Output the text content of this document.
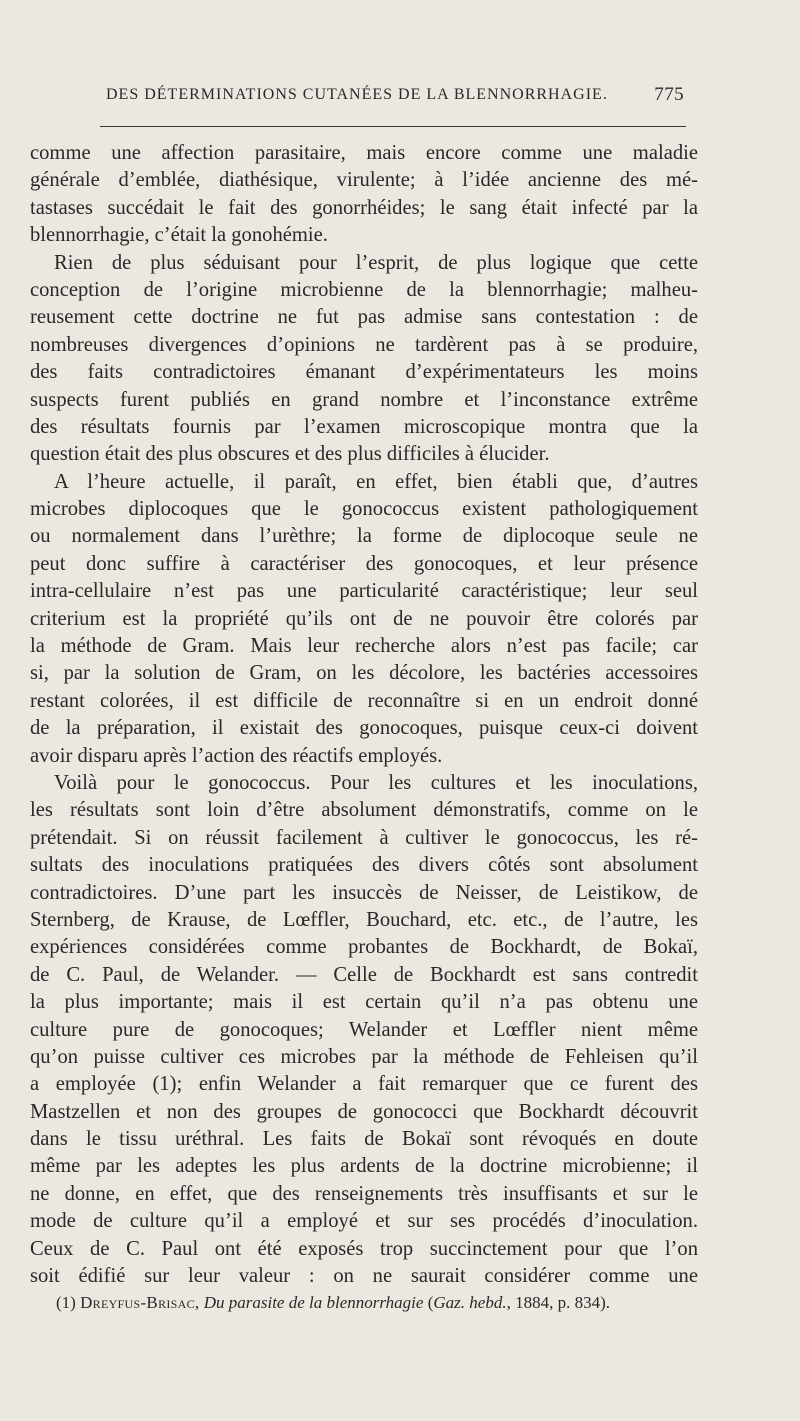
DES DÉTERMINATIONS CUTANÉES DE LA BLENNORRHAGIE. 775
comme une affection parasitaire, mais encore comme une maladie
générale d’emblée, diathésique, virulente; à l’idée ancienne des mé-
tastases succédait le fait des gonorrhéides; le sang était infecté par la
blennorrhagie, c’était la gonohémie.
Rien de plus séduisant pour l’esprit, de plus logique que cette
conception de l’origine microbienne de la blennorrhagie; malheu-
reusement cette doctrine ne fut pas admise sans contestation : de
nombreuses divergences d’opinions ne tardèrent pas à se produire,
des faits contradictoires émanant d’expérimentateurs les moins
suspects furent publiés en grand nombre et l’inconstance extrême
des résultats fournis par l’examen microscopique montra que la
question était des plus obscures et des plus difficiles à élucider.
A l’heure actuelle, il paraît, en effet, bien établi que, d’autres
microbes diplocoques que le gonococcus existent pathologiquement
ou normalement dans l’urèthre; la forme de diplocoque seule ne
peut donc suffire à caractériser des gonocoques, et leur présence
intra-cellulaire n’est pas une particularité caractéristique; leur seul
criterium est la propriété qu’ils ont de ne pouvoir être colorés par
la méthode de Gram. Mais leur recherche alors n’est pas facile; car
si, par la solution de Gram, on les décolore, les bactéries accessoires
restant colorées, il est difficile de reconnaître si en un endroit donné
de la préparation, il existait des gonocoques, puisque ceux-ci doivent
avoir disparu après l’action des réactifs employés.
Voilà pour le gonococcus. Pour les cultures et les inoculations,
les résultats sont loin d’être absolument démonstratifs, comme on le
prétendait. Si on réussit facilement à cultiver le gonococcus, les ré-
sultats des inoculations pratiquées des divers côtés sont absolument
contradictoires. D’une part les insuccès de Neisser, de Leistikow, de
Sternberg, de Krause, de Lœffler, Bouchard, etc. etc., de l’autre, les
expériences considérées comme probantes de Bockhardt, de Bokaï,
de C. Paul, de Welander. — Celle de Bockhardt est sans contredit
la plus importante; mais il est certain qu’il n’a pas obtenu une
culture pure de gonocoques; Welander et Lœffler nient même
qu’on puisse cultiver ces microbes par la méthode de Fehleisen qu’il
a employée (1); enfin Welander a fait remarquer que ce furent des
Mastzellen et non des groupes de gonococci que Bockhardt découvrit
dans le tissu uréthral. Les faits de Bokaï sont révoqués en doute
même par les adeptes les plus ardents de la doctrine microbienne; il
ne donne, en effet, que des renseignements très insuffisants et sur le
mode de culture qu’il a employé et sur ses procédés d’inoculation.
Ceux de C. Paul ont été exposés trop succinctement pour que l’on
soit édifié sur leur valeur : on ne saurait considérer comme une
(1) Dreyfus-Brisac, Du parasite de la blennorrhagie (Gaz. hebd., 1884, p. 834).
